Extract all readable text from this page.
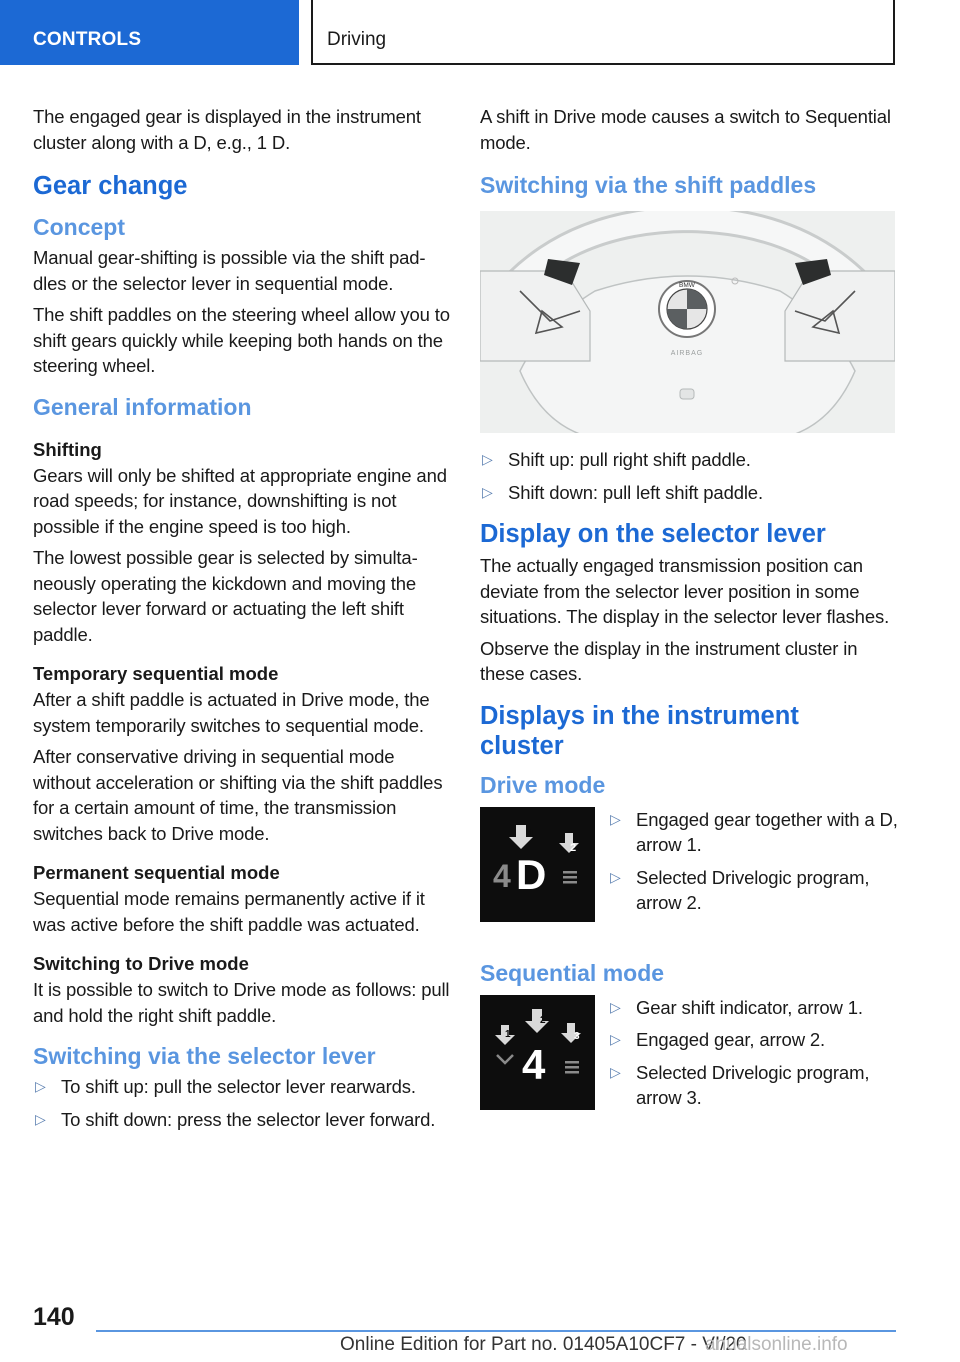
CONTROLS	Driving

The engaged gear is displayed in the instrument cluster along with a D, e.g., 1 D.

Gear change
Concept

Manual gear-shifting is possible via the shift paddles or the selector lever in sequential mode.

The shift paddles on the steering wheel allow you to shift gears quickly while keeping both hands on the steering wheel.

General information
Shifting

Gears will only be shifted at appropriate engine and road speeds; for instance, downshifting is not possible if the engine speed is too high.

The lowest possible gear is selected by simultaneously operating the kickdown and moving the selector lever forward or actuating the left shift paddle.

Temporary sequential mode

After a shift paddle is actuated in Drive mode, the system temporarily switches to sequential mode.

After conservative driving in sequential mode without acceleration or shifting via the shift paddles for a certain amount of time, the transmission switches back to Drive mode.

Permanent sequential mode

Sequential mode remains permanently active if it was active before the shift paddle was actuated.

Switching to Drive mode

It is possible to switch to Drive mode as follows: pull and hold the right shift paddle.

Switching via the selector lever
▷ To shift up: pull the selector lever rearwards.
▷ To shift down: press the selector lever forward.

A shift in Drive mode causes a switch to Sequential mode.

Switching via the shift paddles
BMW
AIRBAG
▷ Shift up: pull right shift paddle.
▷ Shift down: pull left shift paddle.
Display on the selector lever

The actually engaged transmission position can deviate from the selector lever position in some situations. The display in the selector lever flashes.

Observe the display in the instrument cluster in these cases.

Displays in the instrument cluster
Drive mode
1
2
4 D
▷ Engaged gear together with a D, arrow 1.
▷ Selected Drivelogic program, arrow 2.
Sequential mode
1
2
3
4
▷ Gear shift indicator, arrow 1.
▷ Engaged gear, arrow 2.
▷ Selected Drivelogic program, arrow 3.
140
Online Edition for Part no. 01405A10CF7 - VI/20
anualsonline.info
